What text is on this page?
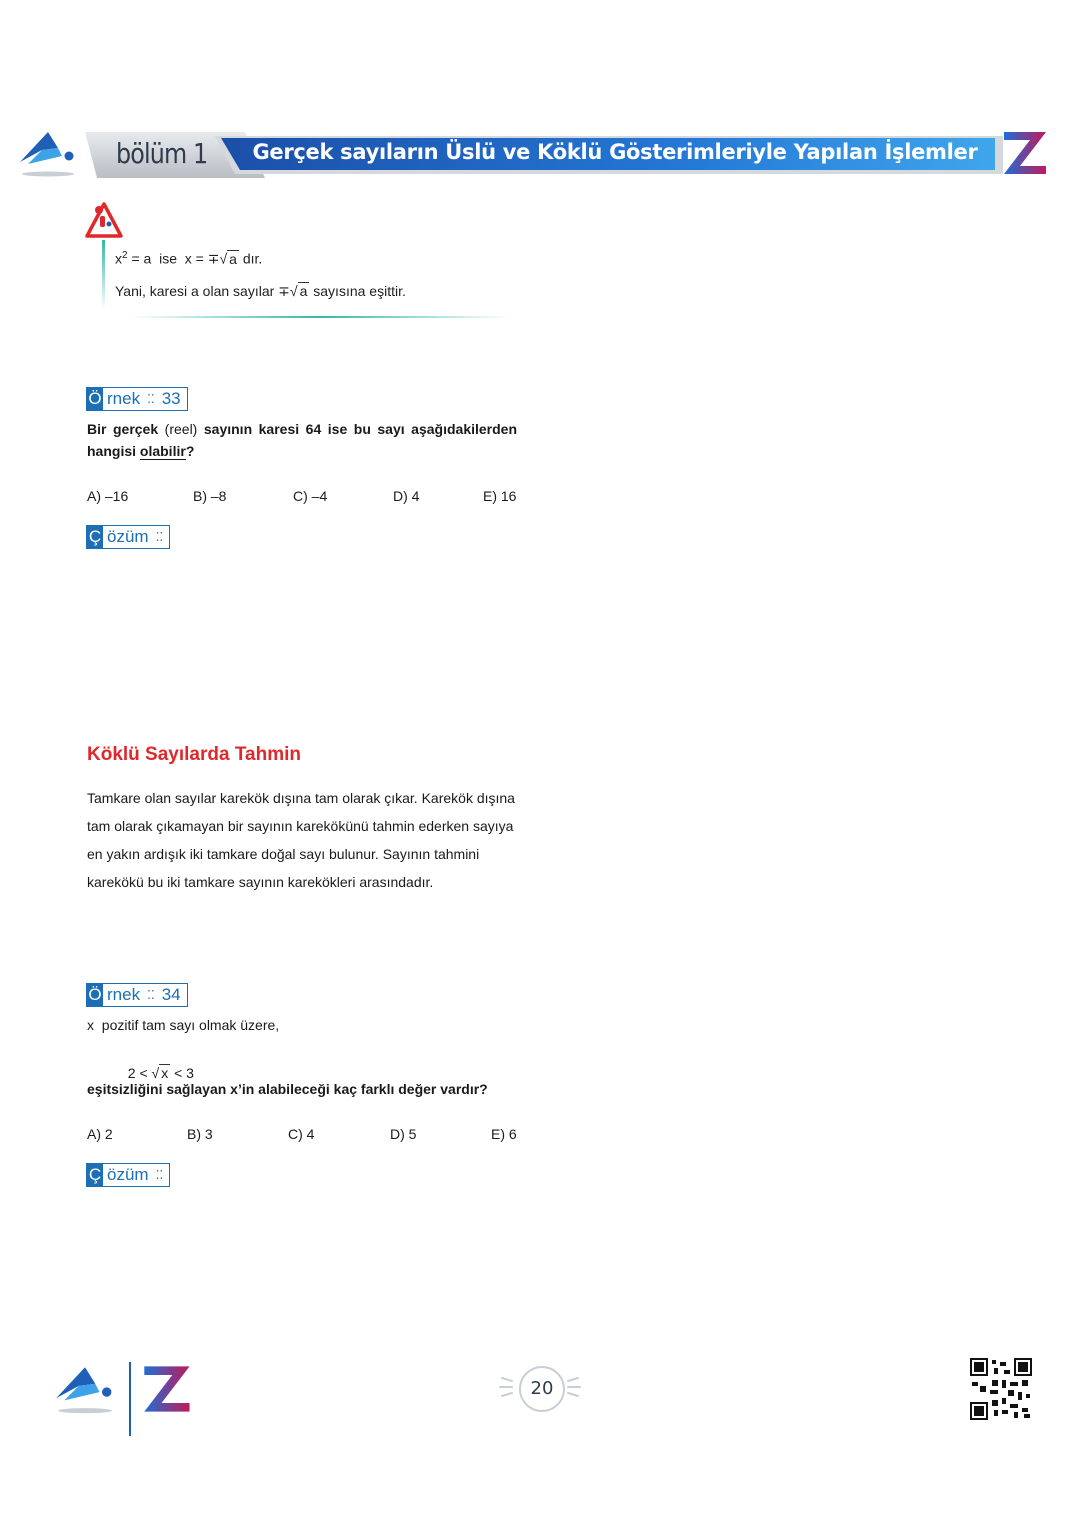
bölüm 1	Gerçek sayıların Üslü ve Köklü Gösterimleriyle Yapılan İşlemler
$x^2 = a$  ise  x = ∓√ a dır.
Yani, karesi a olan sayılar ∓√ a sayısına eşittir.
Ö rnek ⁚⁚ 33
Bir gerçek (reel) sayının karesi 64 ise bu sayı aşağıdakilerden hangisi olabilir?
A) –16	B) –8	C) –4	D) 4	E) 16
Ç özüm ⁚⁚
Köklü Sayılarda Tahmin
Tamkare olan sayılar karekök dışına tam olarak çıkar. Karekök dışına tam olarak çıkamayan bir sayının karekökünü tahmin ederken sayıya en yakın ardışık iki tamkare doğal sayı bulunur. Sayının tahmini karekökü bu iki tamkare sayının karekökleri arasındadır.
Ö rnek ⁚⁚ 34
x  pozitif tam sayı olmak üzere,

2 < √ x < 3

eşitsizliğini sağlayan x’in alabileceği kaç farklı değer vardır?
A) 2	B) 3	C) 4	D) 5	E) 6
Ç özüm ⁚⁚
20
